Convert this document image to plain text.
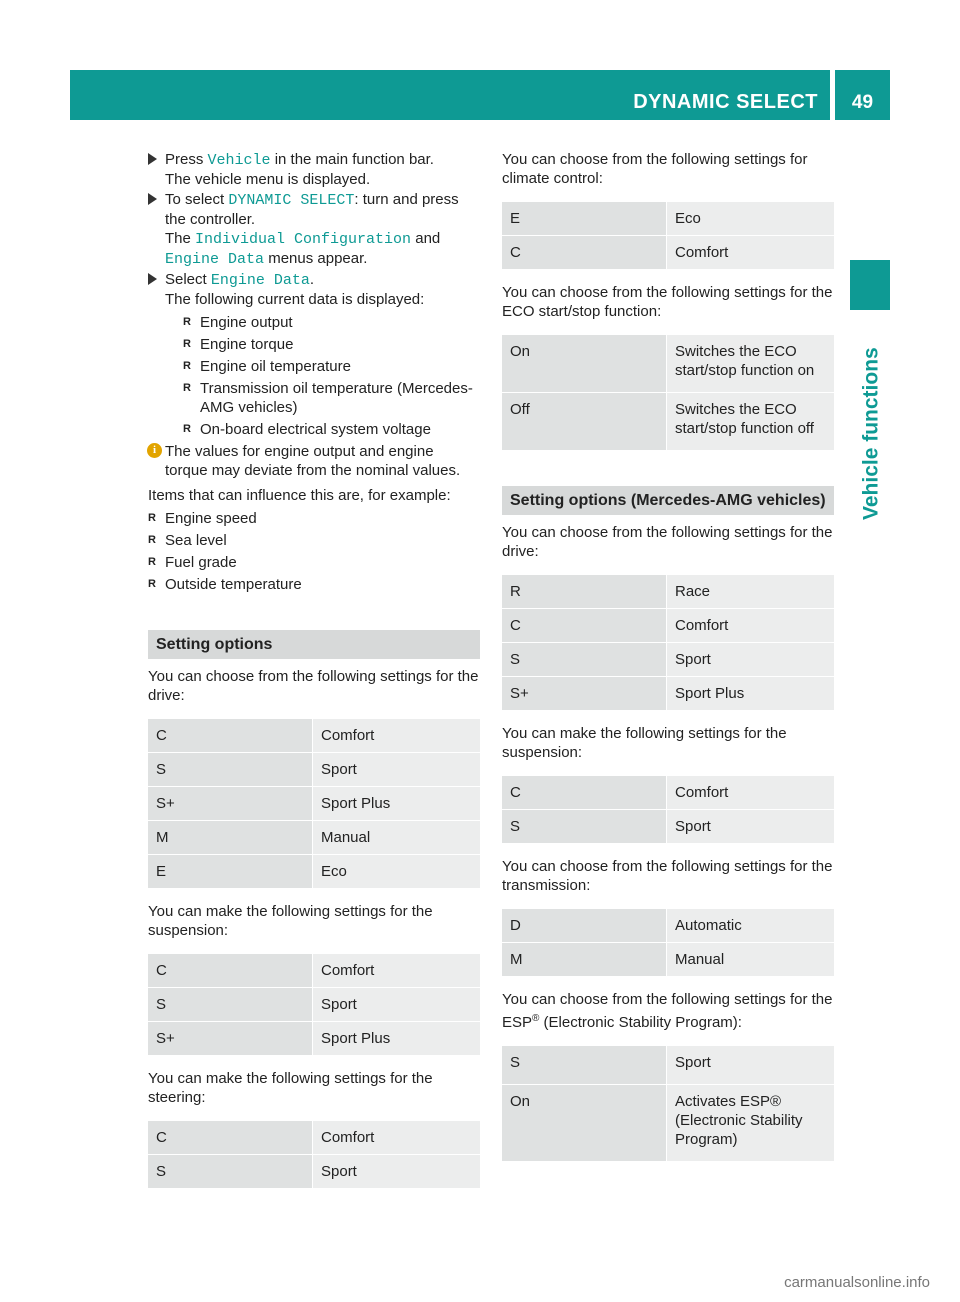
DYNAMIC SELECT	49
Vehicle functions
Press Vehicle in the main function bar.
The vehicle menu is displayed.
To select DYNAMIC SELECT: turn and press the controller.
The Individual Configuration and Engine Data menus appear.
Select Engine Data.
The following current data is displayed:
R Engine output
R Engine torque
R Engine oil temperature
R Transmission oil temperature (Mercedes-AMG vehicles)
R On-board electrical system voltage
i The values for engine output and engine torque may deviate from the nominal values.
Items that can influence this are, for example:
R Engine speed
R Sea level
R Fuel grade
R Outside temperature
Setting options
You can choose from the following settings for the drive:
C	Comfort
S	Sport
S+	Sport Plus
M	Manual
E	Eco
You can make the following settings for the suspension:
C	Comfort
S	Sport
S+	Sport Plus
You can make the following settings for the steering:
C	Comfort
S	Sport
You can choose from the following settings for climate control:
E	Eco
C	Comfort
You can choose from the following settings for the ECO start/stop function:
On	Switches the ECO start/stop function on
Off	Switches the ECO start/stop function off
Setting options (Mercedes-AMG vehicles)
You can choose from the following settings for the drive:
R	Race
C	Comfort
S	Sport
S+	Sport Plus
You can make the following settings for the suspension:
C	Comfort
S	Sport
You can choose from the following settings for the transmission:
D	Automatic
M	Manual
You can choose from the following settings for the ESP® (Electronic Stability Program):
S	Sport
On	Activates ESP® (Electronic Stability Program)
carmanualsonline.info
